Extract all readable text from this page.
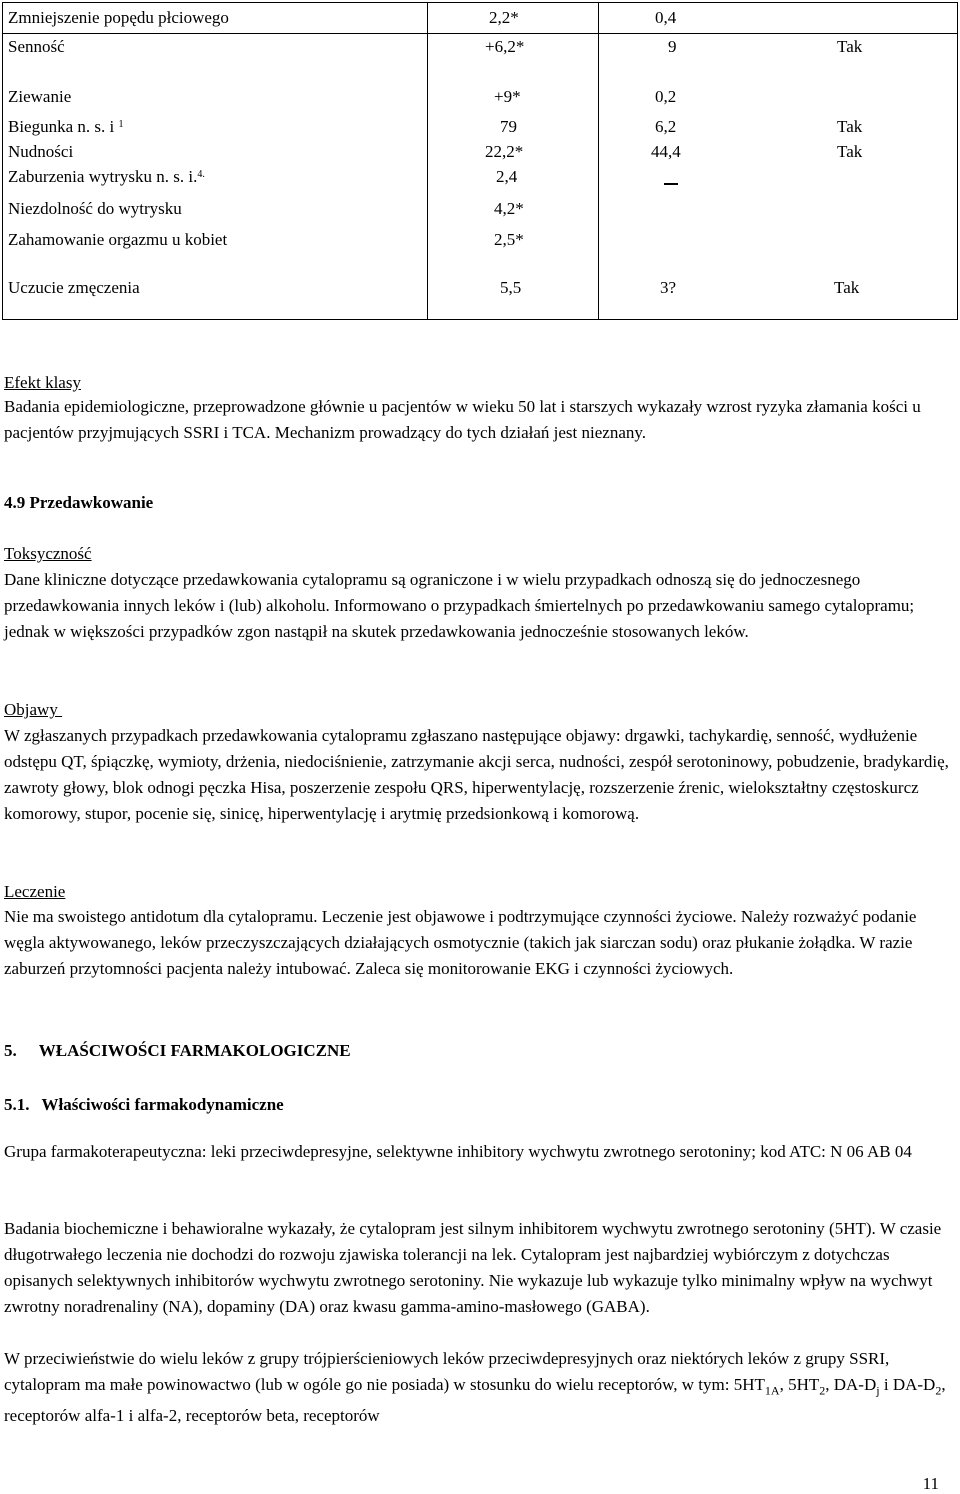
Zmniejszenie popędu płciowego	2,2*	0,4
Senność	+6,2*	9	Tak
Ziewanie	+9*	0,2
Biegunka n. s. i $^1$	79	6,2	Tak
Nudności	22,2*	44,4	Tak
Zaburzenia wytrysku n. s. i.$^{4.}$	2,4
Niezdolność do wytrysku	4,2*
Zahamowanie orgazmu u kobiet	2,5*
Uczucie zmęczenia	5,5	3?	Tak
Efekt klasy
Badania epidemiologiczne, przeprowadzone głównie u pacjentów w wieku 50 lat i starszych wykazały wzrost ryzyka złamania kości u pacjentów przyjmujących SSRI i TCA. Mechanizm prowadzący do tych działań jest nieznany.
4.9 Przedawkowanie
Toksyczność
Dane kliniczne dotyczące przedawkowania cytalopramu są ograniczone i w wielu przypadkach odnoszą się do jednoczesnego przedawkowania innych leków i (lub) alkoholu. Informowano o przypadkach śmiertelnych po przedawkowaniu samego cytalopramu; jednak w większości przypadków zgon nastąpił na skutek przedawkowania jednocześnie stosowanych leków.
Objawy
W zgłaszanych przypadkach przedawkowania cytalopramu zgłaszano następujące objawy: drgawki, tachykardię, senność, wydłużenie odstępu QT, śpiączkę, wymioty, drżenia, niedociśnienie, zatrzymanie akcji serca, nudności, zespół serotoninowy, pobudzenie, bradykardię, zawroty głowy, blok odnogi pęczka Hisa, poszerzenie zespołu QRS, hiperwentylację, rozszerzenie źrenic, wielokształtny częstoskurcz komorowy, stupor, pocenie się, sinicę, hiperwentylację i arytmię przedsionkową i komorową.
Leczenie
Nie ma swoistego antidotum dla cytalopramu. Leczenie jest objawowe i podtrzymujące czynności życiowe. Należy rozważyć podanie węgla aktywowanego, leków przeczyszczających działających osmotycznie (takich jak siarczan sodu) oraz płukanie żołądka. W razie zaburzeń przytomności pacjenta należy intubować. Zaleca się monitorowanie EKG i czynności życiowych.
5. WŁAŚCIWOŚCI FARMAKOLOGICZNE
5.1. Właściwości farmakodynamiczne
Grupa farmakoterapeutyczna: leki przeciwdepresyjne, selektywne inhibitory wychwytu zwrotnego serotoniny; kod ATC: N 06 AB 04
Badania biochemiczne i behawioralne wykazały, że cytalopram jest silnym inhibitorem wychwytu zwrotnego serotoniny (5HT). W czasie długotrwałego leczenia nie dochodzi do rozwoju zjawiska tolerancji na lek. Cytalopram jest najbardziej wybiórczym z dotychczas opisanych selektywnych inhibitorów wychwytu zwrotnego serotoniny. Nie wykazuje lub wykazuje tylko minimalny wpływ na wychwyt zwrotny noradrenaliny (NA), dopaminy (DA) oraz kwasu gamma-amino-masłowego (GABA).
W przeciwieństwie do wielu leków z grupy trójpierścieniowych leków przeciwdepresyjnych oraz niektórych leków z grupy SSRI, cytalopram ma małe powinowactwo (lub w ogóle go nie posiada) w stosunku do wielu receptorów, w tym: $5HT_{1A}$, $5HT_2$, $DA-D_j$ i $DA-D_2$, receptorów alfa-1 i alfa-2, receptorów beta, receptorów
11
